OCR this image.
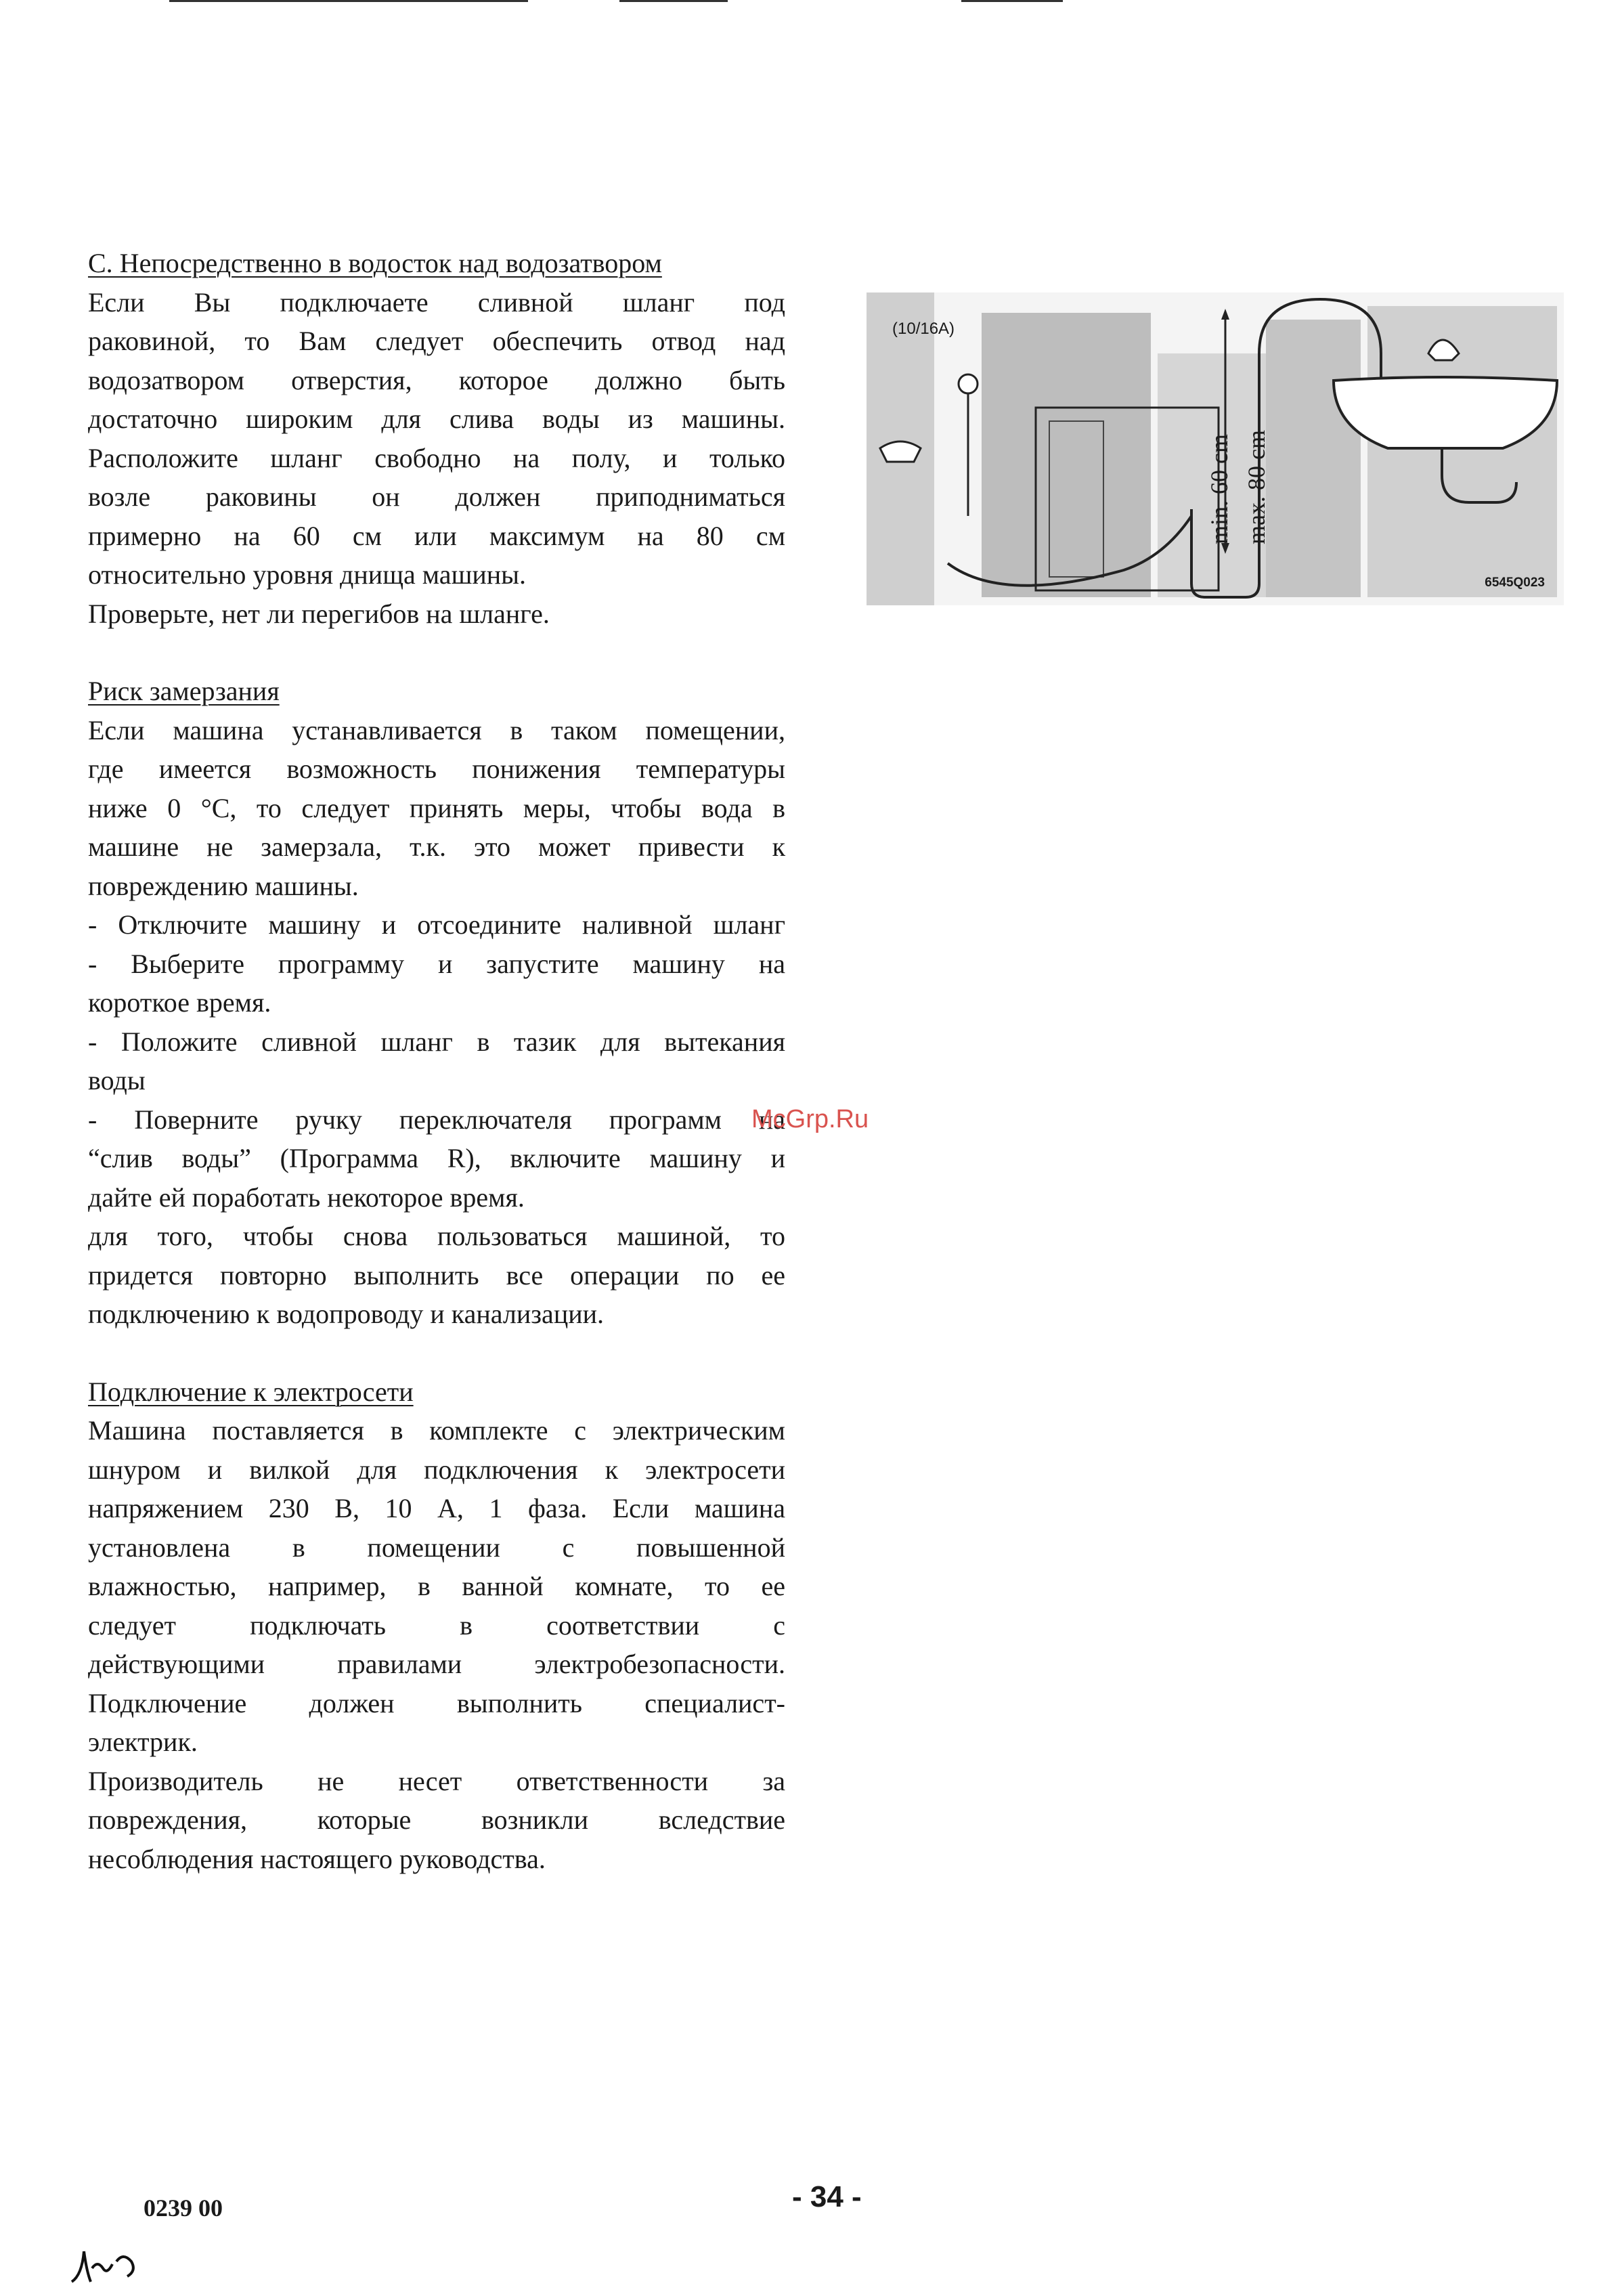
С. Непосредственно в водосток над водозатвором

Если Вы подключаете сливной шланг под

раковиной, то Вам следует обеспечить отвод над

водозатвором отверстия, которое должно быть

достаточно широким для слива воды из машины.

Расположите шланг свободно на полу, и только

возле раковины он должен приподниматься

примерно на 60 см или максимум на 80 см

относительно уровня днища машины.

Проверьте, нет ли перегибов на шланге.

Риск замерзания

Если машина устанавливается в таком помещении,

где имеется возможность понижения температуры

ниже 0 °С, то следует принять меры, чтобы вода в

машине не замерзала, т.к. это может привести к

повреждению машины.

- Отключите машину и отсоедините наливной шланг

- Выберите программу и запустите машину на

короткое время.

- Положите сливной шланг в тазик для вытекания

воды

- Поверните ручку переключателя программ на

“слив воды” (Программа R), включите машину и

дайте ей поработать некоторое время.

для того, чтобы снова пользоваться машиной, то

придется повторно выполнить все операции по ее

подключению к водопроводу и канализации.

Подключение к электросети

Машина поставляется в комплекте с электрическим

шнуром и вилкой для подключения к электросети

напряжением 230 В, 10 А, 1 фаза. Если машина

установлена в помещении с повышенной

влажностью, например, в ванной комнате, то ее

следует подключать в соответствии с

действующими правилами электробезопасности.

Подключение должен выполнить специалист-

электрик.

Производитель не несет ответственности за

повреждения, которые возникли вследствие

несоблюдения настоящего руководства.

(10/16A)
min. 60 cm max. 80 cm
6545Q023
McGrp.Ru
0239 00	- 34 -
